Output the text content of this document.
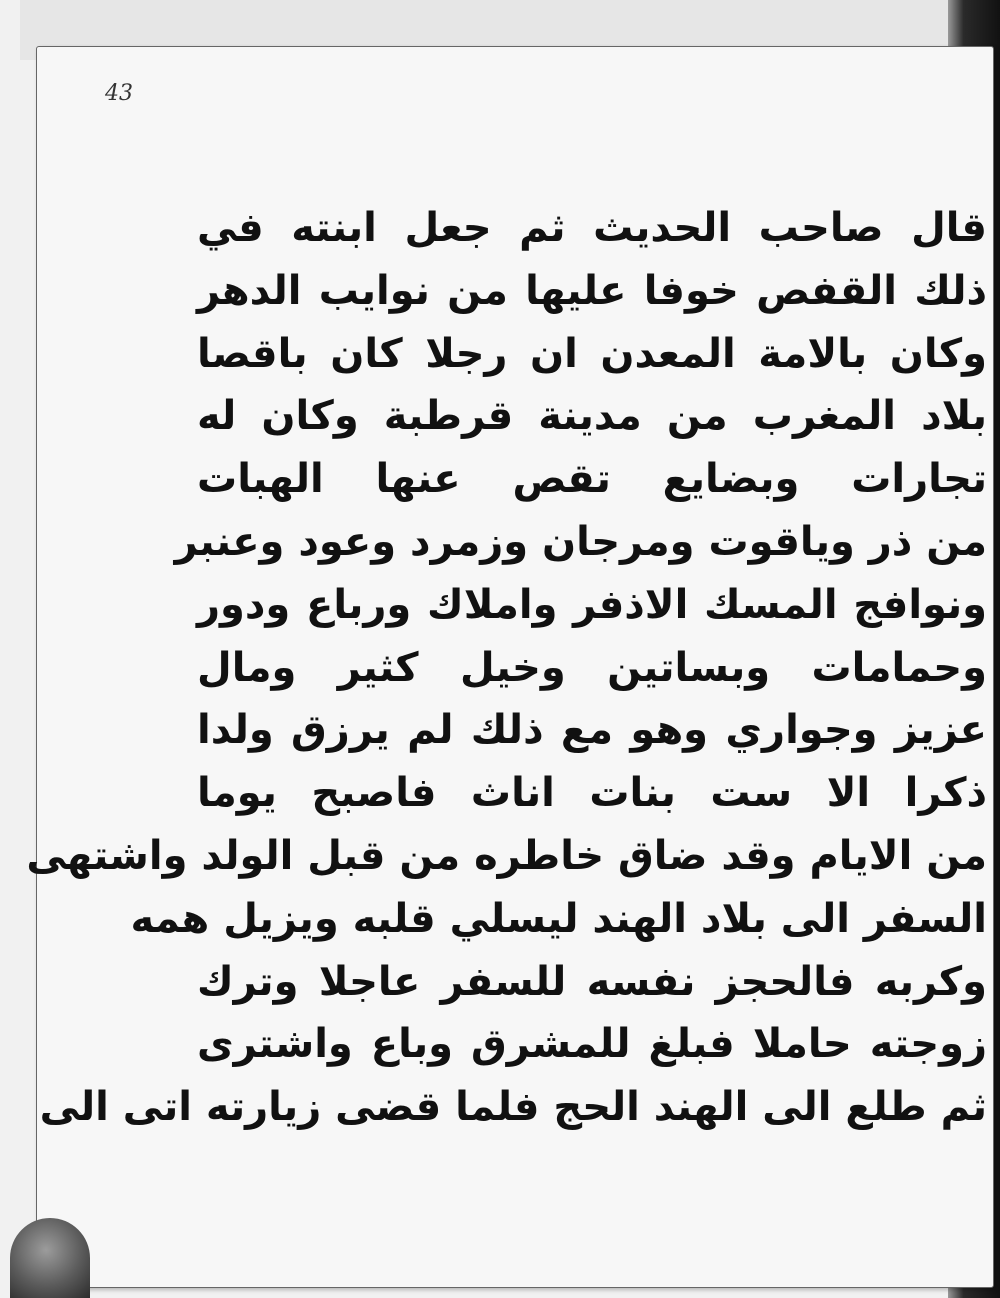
43
قال صاحب الحديث ثم جعل ابنته في
ذلك القفص خوفا عليها من نوايب الدهر
وكان بالامة المعدن ان رجلا كان باقصا
بلاد المغرب من مدينة قرطبة وكان له
تجارات وبضايع تقص عنها الهبات
من ذر وياقوت ومرجان وزمرد وعود وعنبر
ونوافج المسك الاذفر واملاك ورباع ودور
وحمامات وبساتين وخيل كثير ومال
عزيز وجواري وهو مع ذلك لم يرزق ولدا
ذكرا الا ست بنات اناث فاصبح يوما
من الايام وقد ضاق خاطره من قبل الولد واشتهى
السفر الى بلاد الهند ليسلي قلبه ويزيل همه
وكربه فالحجز نفسه للسفر عاجلا وترك
زوجته حاملا فبلغ للمشرق وباع واشترى
ثم طلع الى الهند الحج فلما قضى زيارته اتى الى
